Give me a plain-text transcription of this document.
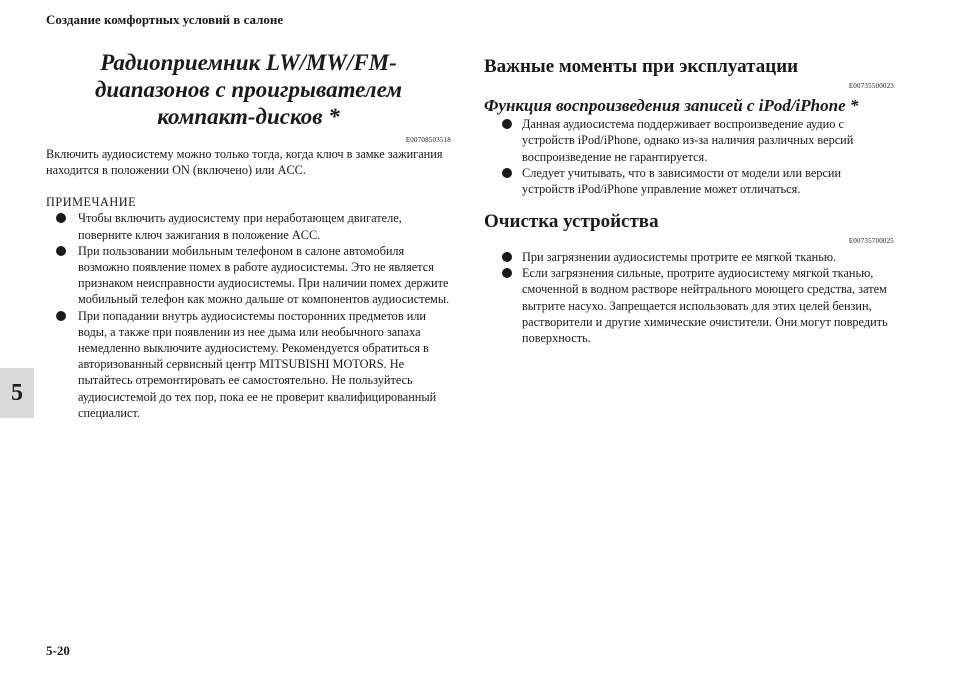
Создание комфортных условий в салоне
5
Радиоприемник LW/MW/FM-диапазонов с проигрывателем компакт-дисков *

E00708503518

Включить аудиосистему можно только тогда, когда ключ в замке зажигания находится в положении ON (включено) или ACC.

ПРИМЕЧАНИЕ
Чтобы включить аудиосистему при неработающем двигателе, поверните ключ зажигания в положение ACC.
При пользовании мобильным телефоном в салоне автомобиля возможно появление помех в работе аудиосистемы. Это не является признаком неисправности аудиосистемы. При наличии помех держите мобильный телефон как можно дальше от компонентов аудиосистемы.
При попадании внутрь аудиосистемы посторонних предметов или воды, а также при появлении из нее дыма или необычного запаха немедленно выключите аудиосистему. Рекомендуется обратиться в авторизованный сервисный центр MITSUBISHI MOTORS. Не пытайтесь отремонтировать ее самостоятельно. Не пользуйтесь аудиосистемой до тех пор, пока ее не проверит квалифицированный специалист.
Важные моменты при эксплуатации

E00735500023

Функция воспроизведения записей с iPod/iPhone *
Данная аудиосистема поддерживает воспроизведение аудио с устройств iPod/iPhone, однако из-за наличия различных версий воспроизведение не гарантируется.
Следует учитывать, что в зависимости от модели или версии устройств iPod/iPhone управление может отличаться.
Очистка устройства

E00735700025

При загрязнении аудиосистемы протрите ее мягкой тканью.
Если загрязнения сильные, протрите аудиосистему мягкой тканью, смоченной в водном растворе нейтрального моющего средства, затем вытрите насухо. Запрещается использовать для этих целей бензин, растворители и другие химические очистители. Они могут повредить поверхность.
5-20
